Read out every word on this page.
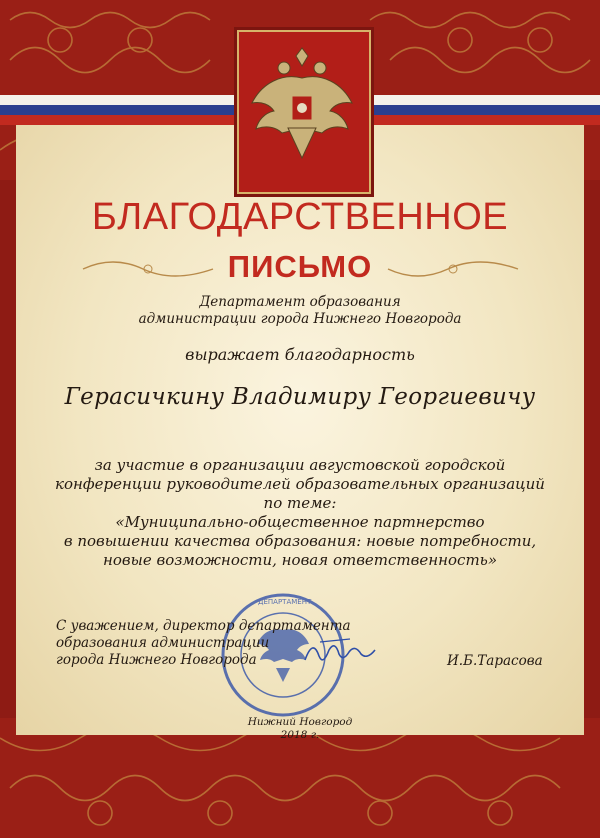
БЛАГОДАРСТВЕННОЕ
ПИСЬМО
Департамент образования
администрации города Нижнего Новгорода
выражает благодарность
Герасичкину Владимиру Георгиевичу
за участие в организации августовской городской
конференции руководителей образовательных организаций
по теме:
«Муниципально-общественное партнерство
в повышении качества образования: новые потребности,
новые возможности, новая ответственность»
ДЕПАРТАМЕНТ
С уважением, директор департамента
образования администрации
города Нижнего Новгорода	И.Б.Тарасова
Нижний Новгород
2018 г.
